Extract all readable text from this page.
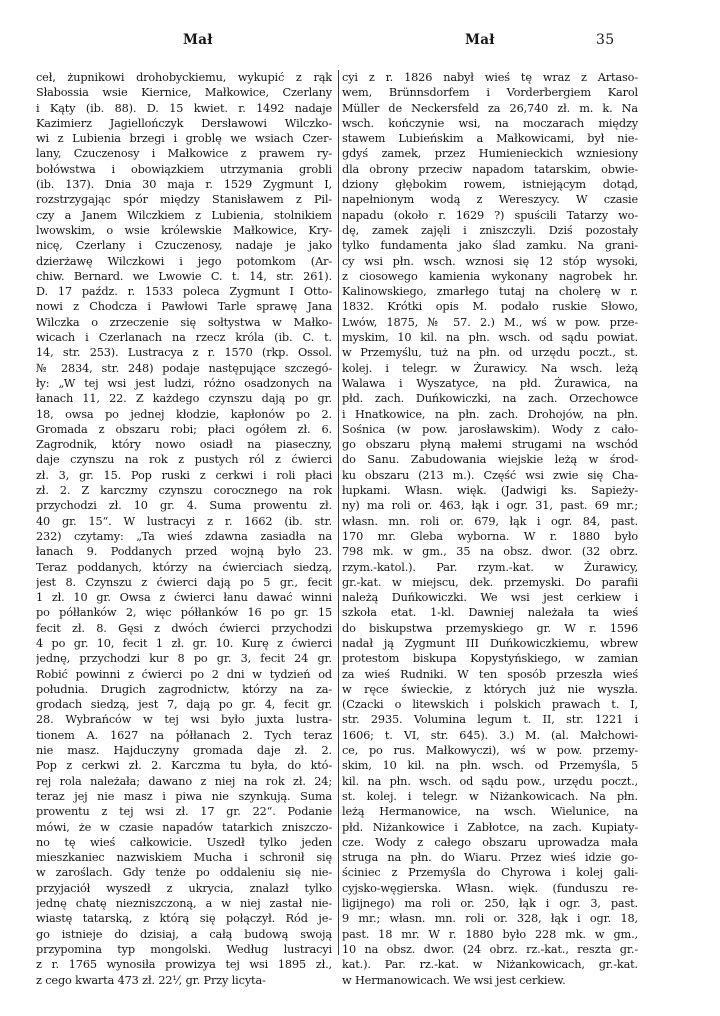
Mał	Mał	35
ceł, żupnikowi drohobyckiemu, wykupić z rąk
Słabossia wsie Kiernice, Małkowice, Czerlany
i Kąty (ib. 88). D. 15 kwiet. r. 1492 nadaje
Kazimierz Jagiellończyk Dersławowi Wilczko-
wi z Lubienia brzegi i groblę we wsiach Czer-
lany, Czuczenosy i Małkowice z prawem ry-
bołówstwa i obowiązkiem utrzymania grobli
(ib. 137). Dnia 30 maja r. 1529 Zygmunt I,
rozstrzygając spór między Stanisławem z Pil-
czy a Janem Wilczkiem z Lubienia, stolnikiem
lwowskim, o wsie królewskie Małkowice, Kry-
nicę, Czerlany i Czuczenosy, nadaje je jako
dzierżawę Wilczkowi i jego potomkom (Ar-
chiw. Bernard. we Lwowie C. t. 14, str. 261).
D. 17 paźdz. r. 1533 poleca Zygmunt I Otto-
nowi z Chodcza i Pawłowi Tarle sprawę Jana
Wilczka o zrzeczenie się sołtystwa w Małko-
wicach i Czerlanach na rzecz króla (ib. C. t.
14, str. 253). Lustracya z r. 1570 (rkp. Ossol.
№ 2834, str. 248) podaje następujące szczegó-
ły: „W tej wsi jest ludzi, różno osadzonych na
łanach 11, 22. Z każdego czynszu dają po gr.
18, owsa po jednej kłodzie, kapłonów po 2.
Gromada z obszaru robi; płaci ogółem zł. 6.
Zagrodnik, który nowo osiadł na piaseczny,
daje czynszu na rok z pustych ról z ćwierci
zł. 3, gr. 15. Pop ruski z cerkwi i roli płaci
zł. 2. Z karczmy czynszu corocznego na rok
przychodzi zł. 10 gr. 4. Suma prowentu zł.
40 gr. 15“. W lustracyi z r. 1662 (ib. str.
232) czytamy: „Ta wieś zdawna zasiadła na
łanach 9. Poddanych przed wojną było 23.
Teraz poddanych, którzy na ćwierciach siedzą,
jest 8. Czynszu z ćwierci dają po 5 gr., fecit
1 zł. 10 gr. Owsa z ćwierci łanu dawać winni
po półłanków 2, więc półłanków 16 po gr. 15
fecit zł. 8. Gęsi z dwóch ćwierci przychodzi
4 po gr. 10, fecit 1 zł. gr. 10. Kurę z ćwierci
jednę, przychodzi kur 8 po gr. 3, fecit 24 gr.
Robić powinni z ćwierci po 2 dni w tydzień od
południa. Drugich zagrodnictw, którzy na za-
grodach siedzą, jest 7, dają po gr. 4, fecit gr.
28. Wybrańców w tej wsi było juxta lustra-
tionem A. 1627 na półłanach 2. Tych teraz
nie masz. Hajduczyny gromada daje zł. 2.
Pop z cerkwi zł. 2. Karczma tu była, do któ-
rej rola należała; dawano z niej na rok zł. 24;
teraz jej nie masz i piwa nie szynkują. Suma
prowentu z tej wsi zł. 17 gr. 22“. Podanie
mówi, że w czasie napadów tatarkich zniszczo-
no tę wieś całkowicie. Uszedł tylko jeden
mieszkaniec nazwiskiem Mucha i schronił się
w zaroślach. Gdy tenże po oddaleniu się nie-
przyjaciół wyszedł z ukrycia, znalazł tylko
jednę chatę niezniszczoną, a w niej zastał nie-
wiastę tatarską, z którą się połączył. Ród je-
go istnieje do dzisiaj, a całą budową swoją
przypomina typ mongolski. Według lustracyi
z r. 1765 wynosiła prowizya tej wsi 1895 zł.,
z cego kwarta 473 zł. 22⅟, gr. Przy licyta-
cyi z r. 1826 nabył wieś tę wraz z Artaso-
wem, Brünnsdorfem i Vorderbergiem Karol
Müller de Neckersfeld za 26,740 zł. m. k. Na
wsch. kończynie wsi, na moczarach między
stawem Lubieńskim a Małkowicami, był nie-
gdyś zamek, przez Humienieckich wzniesiony
dla obrony przeciw napadom tatarskim, obwie-
dziony głębokim rowem, istniejącym dotąd,
napełnionym wodą z Wereszycy. W czasie
napadu (około r. 1629 ?) spuścili Tatarzy wo-
dę, zamek zajęli i zniszczyli. Dziś pozostały
tylko fundamenta jako ślad zamku. Na grani-
cy wsi płn. wsch. wznosi się 12 stóp wysoki,
z ciosowego kamienia wykonany nagrobek hr.
Kalinowskiego, zmarłego tutaj na cholerę w r.
1832. Krótki opis M. podało ruskie Słowo,
Lwów, 1875, № 57. 2.) M., wś w pow. prze-
myskim, 10 kil. na płn. wsch. od sądu powiat.
w Przemyślu, tuż na płn. od urzędu poczt., st.
kolej. i telegr. w Żurawicy. Na wsch. leżą
Walawa i Wyszatyce, na płd. Żurawica, na
płd. zach. Duńkowiczki, na zach. Orzechowce
i Hnatkowice, na płn. zach. Drohojów, na płn.
Sośnica (w pow. jarosławskim). Wody z cało-
go obszaru płyną małemi strugami na wschód
do Sanu. Zabudowania wiejskie leżą w środ-
ku obszaru (213 m.). Część wsi zwie się Cha-
łupkami. Własn. więk. (Jadwigi ks. Sapieży-
ny) ma roli or. 463, łąk i ogr. 31, past. 69 mr.;
własn. mn. roli or. 679, łąk i ogr. 84, past.
170 mr. Gleba wyborna. W r. 1880 było
798 mk. w gm., 35 na obsz. dwor. (32 obrz.
rzym.-katol.). Par. rzym.-kat. w Żurawicy,
gr.-kat. w miejscu, dek. przemyski. Do parafii
należą Duńkowiczki. We wsi jest cerkiew i
szkoła etat. 1-kl. Dawniej należała ta wieś
do biskupstwa przemyskiego gr. W r. 1596
nadał ją Zygmunt III Duńkowiczkiemu, wbrew
protestom biskupa Kopystyńskiego, w zamian
za wieś Rudniki. W ten sposób przeszła wieś
w ręce świeckie, z których już nie wyszła.
(Czacki o litewskich i polskich prawach t. I,
str. 2935. Volumina legum t. II, str. 1221 i
1606; t. VI, str. 645). 3.) M. (al. Małchowi-
ce, po rus. Małkowyczi), wś w pow. przemy-
skim, 10 kil. na płn. wsch. od Przemyśla, 5
kil. na płn. wsch. od sądu pow., urzędu poczt.,
st. kolej. i telegr. w Niżankowicach. Na płn.
leżą Hermanowice, na wsch. Wielunice, na
płd. Niżankowice i Zabłotce, na zach. Kupiaty-
cze. Wody z całego obszaru uprowadza mała
struga na płn. do Wiaru. Przez wieś idzie go-
ściniec z Przemyśla do Chyrowa i kolej gali-
cyjsko-węgierska. Własn. więk. (funduszu re-
ligijnego) ma roli or. 250, łąk i ogr. 3, past.
9 mr.; własn. mn. roli or. 328, łąk i ogr. 18,
past. 18 mr. W r. 1880 było 228 mk. w gm.,
10 na obsz. dwor. (24 obrz. rz.-kat., reszta gr.-
kat.). Par. rz.-kat. w Niżankowicach, gr.-kat.
w Hermanowicach. We wsi jest cerkiew.
